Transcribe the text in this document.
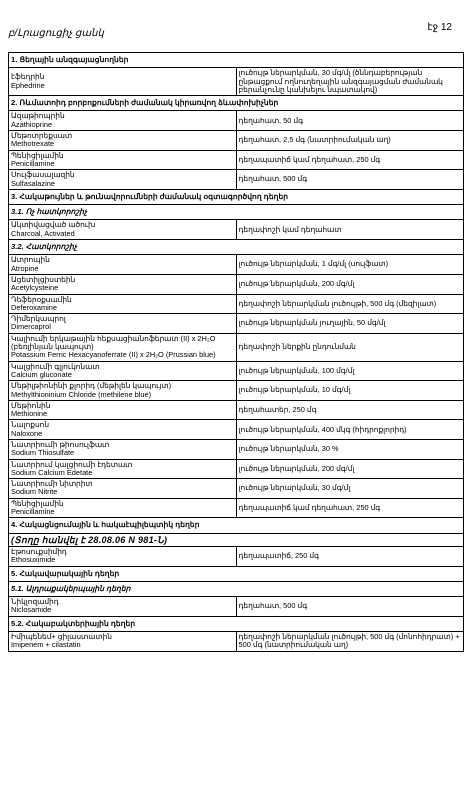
էջ 12
բ/Լրացուցիչ ցանկ
1. Ցեղային անզգայացնողներ	

էֆեդրին
Ephedrine	լուծույթ ներարկման, 30 մգ/մլ (ծննդաբերության ընթացքում ողնուղեղային անզգայացման ժամանակ բերանչունը կանխելու նպատակով)
2. Ռևմատոիդ բորբոքումների ժամանակ կիրառվող ձևափոխիչներ	

Ազաթիոպրին
Azathioprine	դեղահատ, 50 մգ

Մեթոտրեքսատ
Methotrexate	դեղահատ, 2,5 մգ (նատրիումական աղ)

Պենիցիլամին
Penicillamine	դեղապատիճ կամ դեղահատ, 250 մգ

Սուլֆասալազին
Sulfasalazine	դեղահատ, 500 մգ
3. Հակաթույներ և թունավորումների ժամանակ օգտագործվող դեղեր	
3.1. Ոչ հատկորոշիչ	

Ակտիվացված ածուխ
Charcoal, Activated	դեղափոշի կամ դեղահատ
3.2. Հատկորոշիչ	

Ատրոպին
Atropine	լուծույթ ներարկման, 1 մգ/մլ (սուլֆատ)

Ացետիլցիստեին
Acetylcysteine	լուծույթ ներարկման, 200 մգ/մլ

Դեֆերօքսամին
Deferoxamine	դեղափոշի ներարկման լուծույթի, 500 մգ (մեզիլատ)

Դիմերկապրոլ
Dimercaprol	լուծույթ ներարկման յուղային, 50 մգ/մլ

Կալիումի երկաթային հեքսացիանոֆերատ (II) x 2H₂O (բեռլինյան կապույտ)
Potassium Ferric Hexacyanoferrate (II) x 2H₂O (Prussian blue)	դեղափոշի ներքին ընդունման

Կալցիումի գլյուկոնատ
Calcium gluconate	լուծույթ ներարկման, 100 մգ/մլ

Մեթիլթիոնինի քլորիդ (մեթիլեն կապույտ)
Methylthioninium Chloride (methilene blue)	լուծույթ ներարկման, 10 մգ/մլ

Մեթիոնին
Methionine	դեղահատեր, 250 մգ

Նալոքսոն
Naloxone	լուծույթ ներարկման, 400 մկգ (հիդրոքլորիդ)

Նատրիումի թիոսուլֆատ
Sodium Thiosulfate	լուծույթ ներարկման, 30 %

Նատրիում կալցիումի էդետատ
Sodium Calcium Edetate	լուծույթ ներարկման, 200 մգ/մլ

Նատրիումի նիտրիտ
Sodium Nitrite	լուծույթ ներարկման, 30 մգ/մլ

Պենիցիլամին
Penicillamine	դեղապատիճ կամ դեղահատ, 250 մգ
4. Հակացնցումային և հակաէպիլեպտիկ դեղեր	
(Տողը հանվել է 28.08.06 N 981-Ն)	

Էթոսուքսիմիդ
Ethosuximide	դեղապատիճ, 250 մգ
5. Հակավարակային դեղեր	
5.1. Ալդրաքակերպային դեղեր	

Նիկլոզամիդ
Niclosamide	դեղահատ, 500 մգ
5.2. Հակաբակտերիային դեղեր	

Իմիպենեմ+ ցիլաստատին
Imipenem + cilastatin	դեղափոշի ներարկման լուծույթի, 500 մգ (մոնոհիդրատ) + 500 մգ (նատրիումական աղ)
